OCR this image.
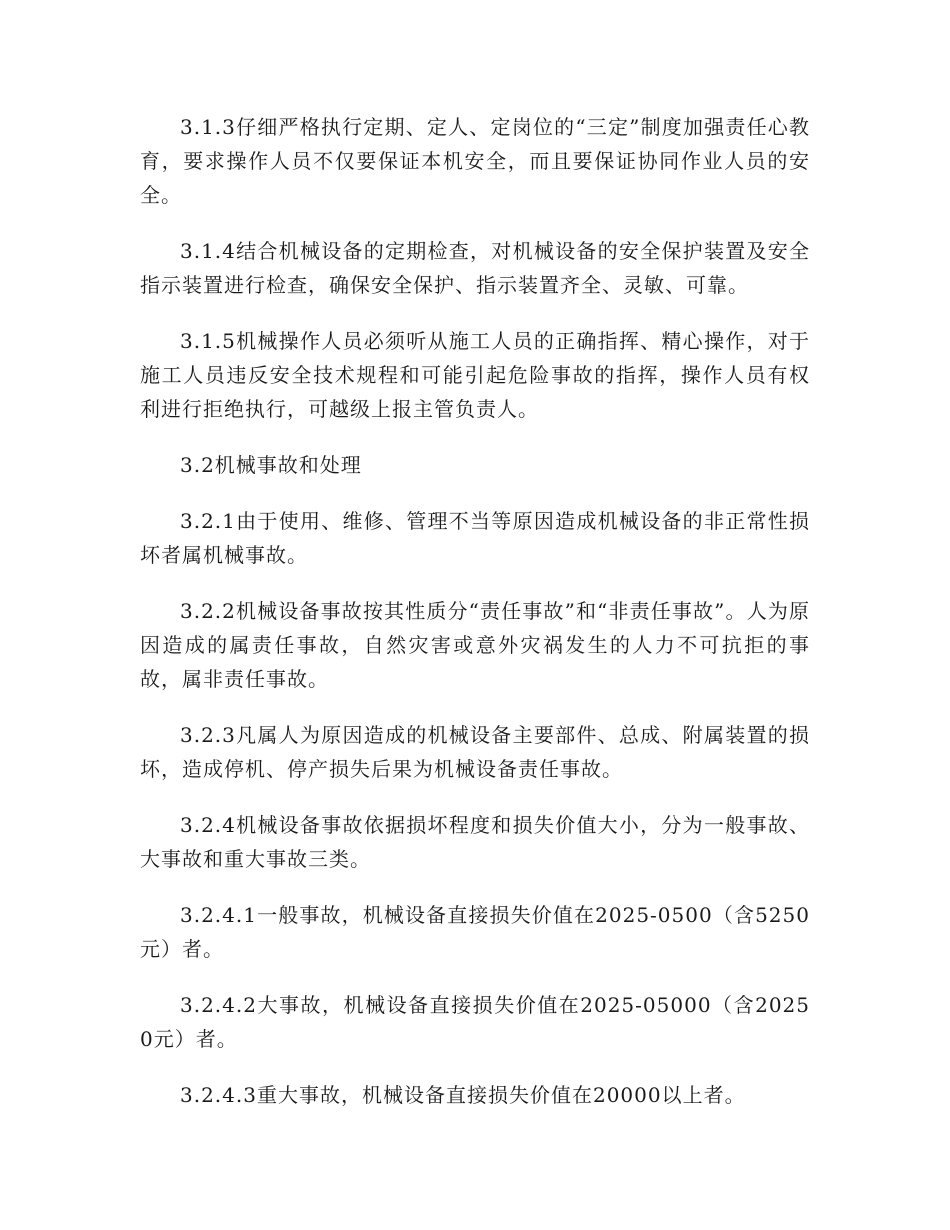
3.1.3仔细严格执行定期、定人、定岗位的“三定”制度加强责任心教育，要求操作人员不仅要保证本机安全，而且要保证协同作业人员的安全。

3.1.4结合机械设备的定期检查，对机械设备的安全保护装置及安全指示装置进行检查，确保安全保护、指示装置齐全、灵敏、可靠。

3.1.5机械操作人员必须听从施工人员的正确指挥、精心操作，对于施工人员违反安全技术规程和可能引起危险事故的指挥，操作人员有权利进行拒绝执行，可越级上报主管负责人。

3.2机械事故和处理

3.2.1由于使用、维修、管理不当等原因造成机械设备的非正常性损坏者属机械事故。

3.2.2机械设备事故按其性质分“责任事故”和“非责任事故”。人为原因造成的属责任事故，自然灾害或意外灾祸发生的人力不可抗拒的事故，属非责任事故。

3.2.3凡属人为原因造成的机械设备主要部件、总成、附属装置的损坏，造成停机、停产损失后果为机械设备责任事故。

3.2.4机械设备事故依据损坏程度和损失价值大小，分为一般事故、大事故和重大事故三类。

3.2.4.1一般事故，机械设备直接损失价值在2025-0500（含5250元）者。

3.2.4.2大事故，机械设备直接损失价值在2025-05000（含20250元）者。

3.2.4.3重大事故，机械设备直接损失价值在20000以上者。
